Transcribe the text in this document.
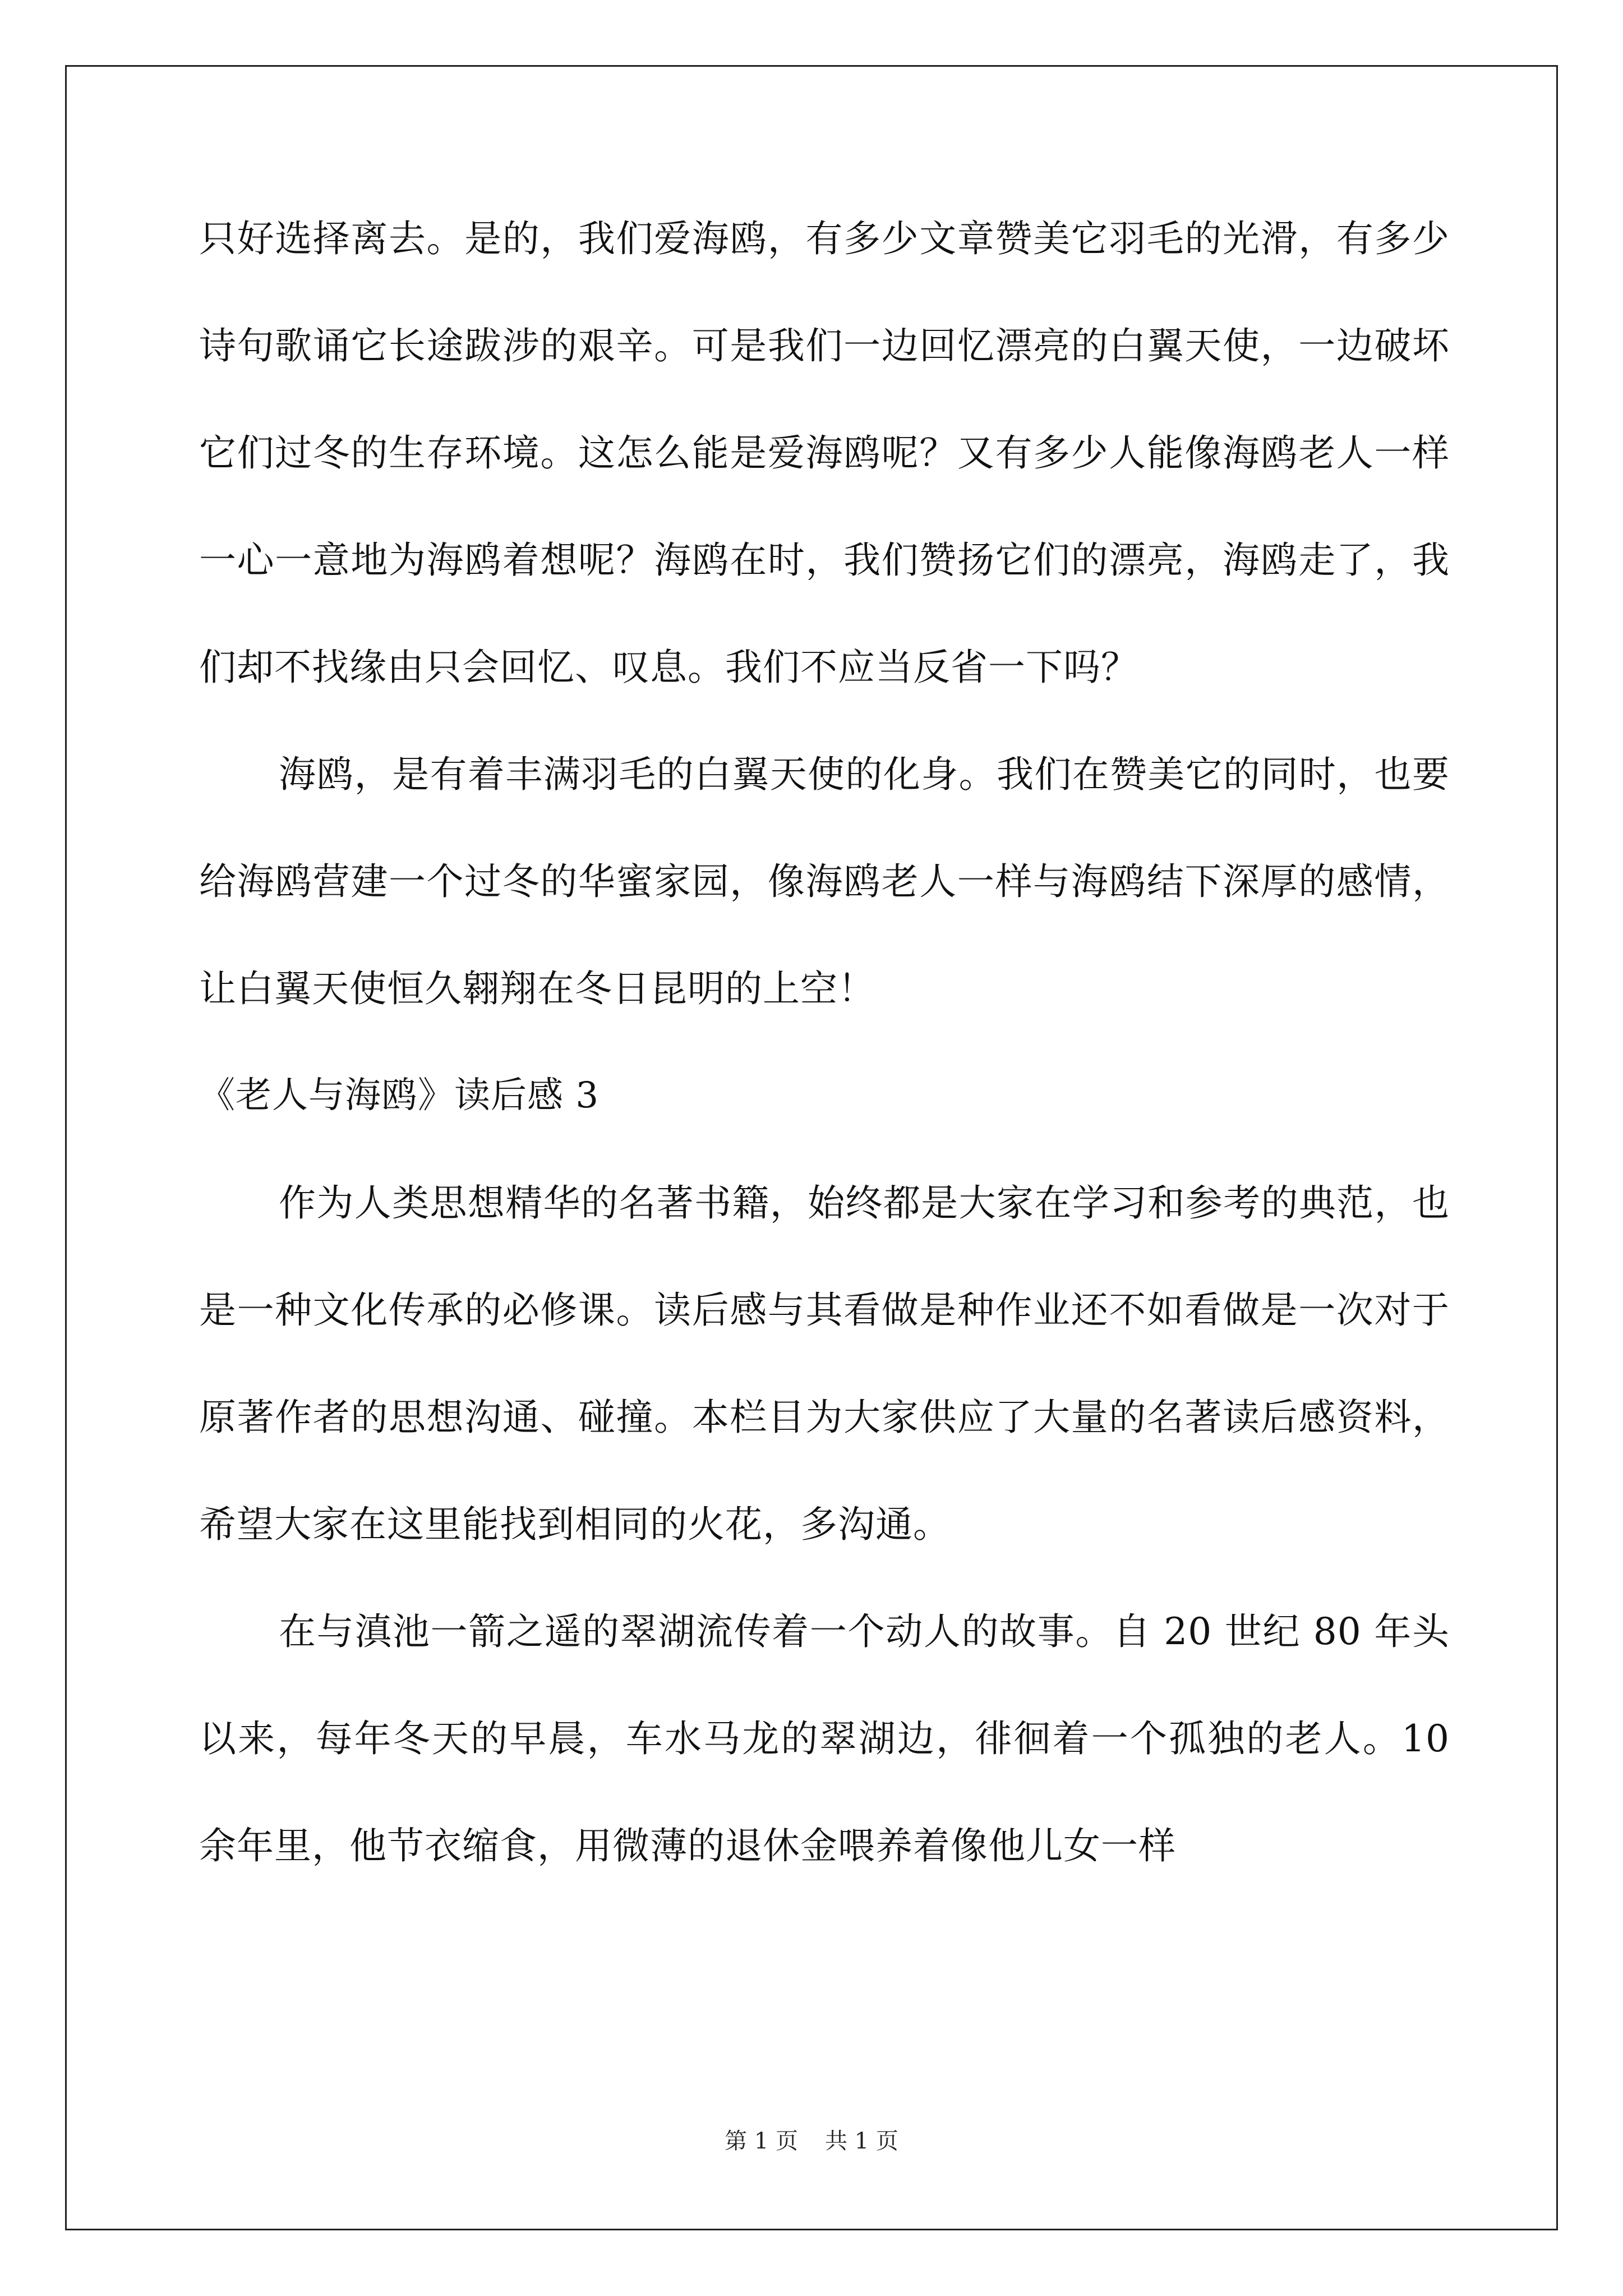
只好选择离去。是的，我们爱海鸥，有多少文章赞美它羽毛的光滑，有多少诗句歌诵它长途跋涉的艰辛。可是我们一边回忆漂亮的白翼天使，一边破坏它们过冬的生存环境。这怎么能是爱海鸥呢？又有多少人能像海鸥老人一样一心一意地为海鸥着想呢？海鸥在时，我们赞扬它们的漂亮，海鸥走了，我们却不找缘由只会回忆、叹息。我们不应当反省一下吗？

海鸥，是有着丰满羽毛的白翼天使的化身。我们在赞美它的同时，也要给海鸥营建一个过冬的华蜜家园，像海鸥老人一样与海鸥结下深厚的感情，让白翼天使恒久翱翔在冬日昆明的上空！

《老人与海鸥》读后感 3

作为人类思想精华的名著书籍，始终都是大家在学习和参考的典范，也是一种文化传承的必修课。读后感与其看做是种作业还不如看做是一次对于原著作者的思想沟通、碰撞。本栏目为大家供应了大量的名著读后感资料，希望大家在这里能找到相同的火花，多沟通。

在与滇池一箭之遥的翠湖流传着一个动人的故事。自 20 世纪 80 年头以来，每年冬天的早晨，车水马龙的翠湖边，徘徊着一个孤独的老人。10 余年里，他节衣缩食，用微薄的退休金喂养着像他儿女一样

第 1 页 共 1 页
